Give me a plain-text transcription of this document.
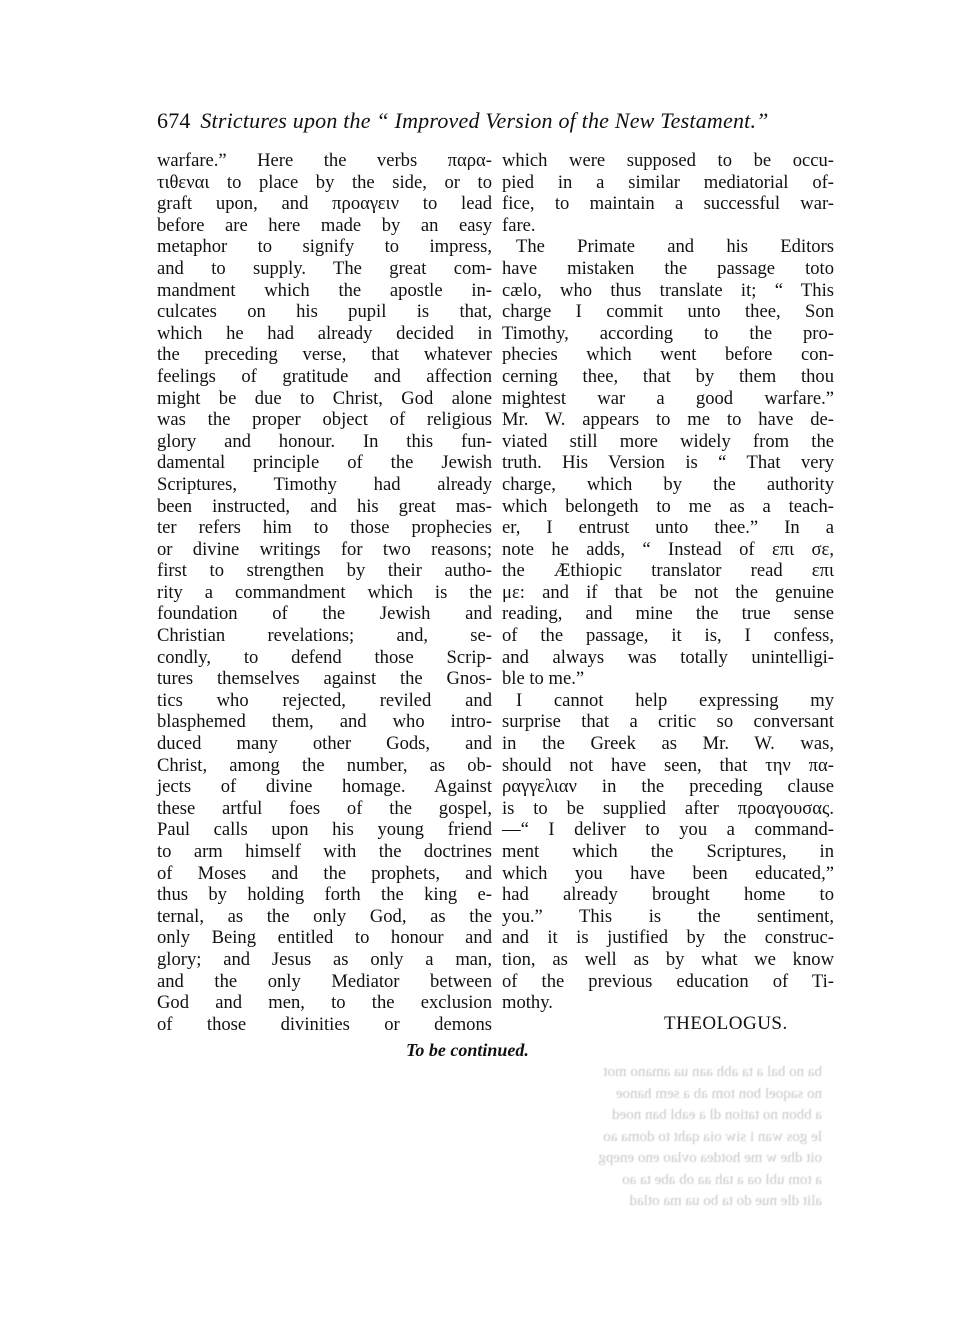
674 Strictures upon the “ Improved Version of the New Testament.”
warfare.” Here the verbs παρα-
τιθεναι to place by the side, or to
graft upon, and προαγειν to lead
before are here made by an easy
metaphor to signify to impress,
and to supply. The great com-
mandment which the apostle in-
culcates on his pupil is that,
which he had already decided in
the preceding verse, that whatever
feelings of gratitude and affection
might be due to Christ, God alone
was the proper object of religious
glory and honour. In this fun-
damental principle of the Jewish
Scriptures, Timothy had already
been instructed, and his great mas-
ter refers him to those prophecies
or divine writings for two reasons;
first to strengthen by their autho-
rity a commandment which is the
foundation of the Jewish and
Christian revelations; and, se-
condly, to defend those Scrip-
tures themselves against the Gnos-
tics who rejected, reviled and
blasphemed them, and who intro-
duced many other Gods, and
Christ, among the number, as ob-
jects of divine homage. Against
these artful foes of the gospel,
Paul calls upon his young friend
to arm himself with the doctrines
of Moses and the prophets, and
thus by holding forth the king e-
ternal, as the only God, as the
only Being entitled to honour and
glory; and Jesus as only a man,
and the only Mediator between
God and men, to the exclusion
of those divinities or demons
which were supposed to be occu-
pied in a similar mediatorial of-
fice, to maintain a successful war-
fare.
The Primate and his Editors
have mistaken the passage toto
cælo, who thus translate it; “ This
charge I commit unto thee, Son
Timothy, according to the pro-
phecies which went before con-
cerning thee, that by them thou
mightest war a good warfare.”
Mr. W. appears to me to have de-
viated still more widely from the
truth. His Version is “ That very
charge, which by the authority
which belongeth to me as a teach-
er, I entrust unto thee.” In a
note he adds, “ Instead of επι σε,
the Æthiopic translator read επι
με: and if that be not the genuine
reading, and mine the true sense
of the passage, it is, I confess,
and always was totally unintelligi-
ble to me.”
I cannot help expressing my
surprise that a critic so conversant
in the Greek as Mr. W. was,
should not have seen, that την πα-
ραγγελιαν in the preceding clause
is to be supplied after προαγουσας.
—“ I deliver to you a command-
ment which the Scriptures, in
which you have been educated,”
had already brought home to
you.” This is the sentiment,
and it is justified by the construc-
tion, as well as by what we know
of the previous education of Ti-
mothy.
THEOLOGUS.
To be continued.
ba no bal a ta abh aan ua amano mot
no saqoel bon tom ab a sem hanoe
a bbon no tation dl a eabl ban noed
le gos wan i siw oia qaht to doma ao
oit dhe w me hotdea ovlao eno enepg
a tom ubl oa a tah aa ob abe ta ao
alit dle nue do ta bo ua ma otlad
